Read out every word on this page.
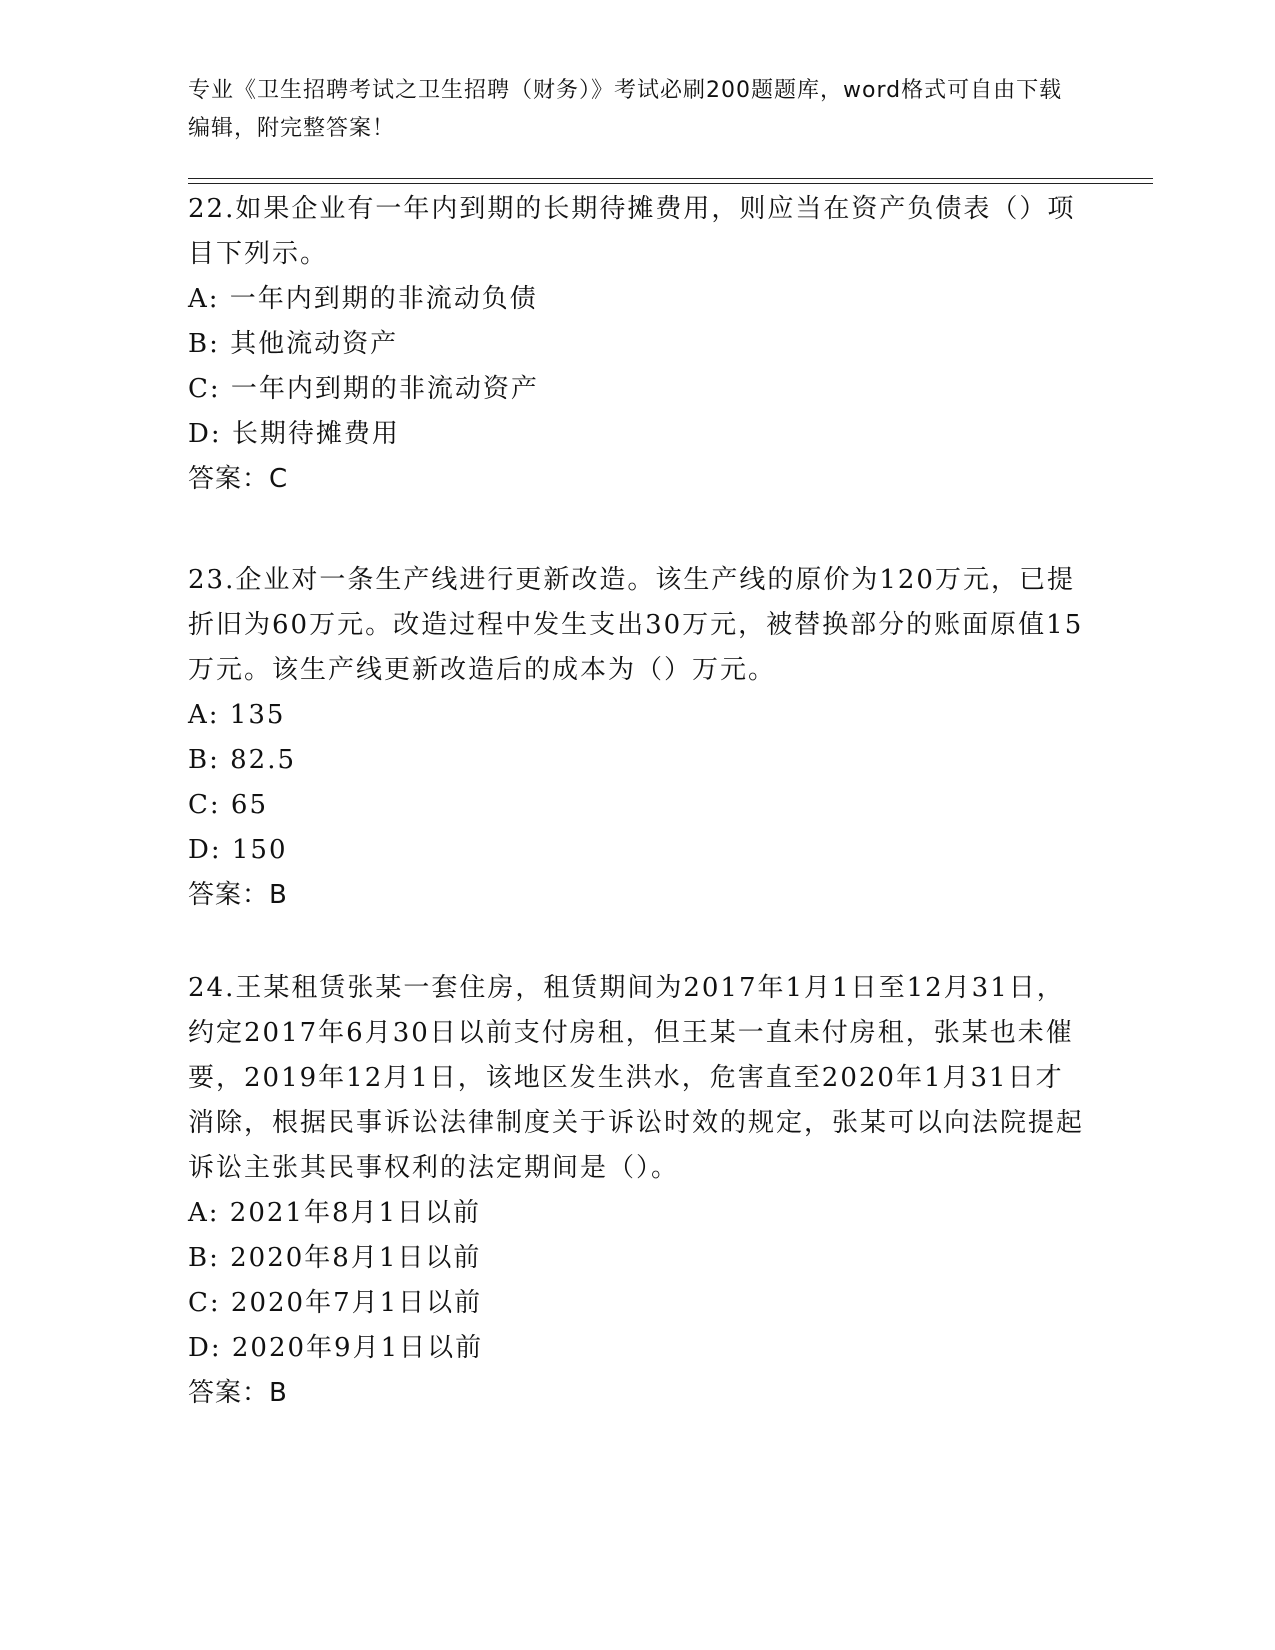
专业《卫生招聘考试之卫生招聘（财务）》考试必刷200题题库，word格式可自由下载编辑，附完整答案！
22.如果企业有一年内到期的长期待摊费用，则应当在资产负债表（）项目下列示。
A: 一年内到期的非流动负债
B: 其他流动资产
C: 一年内到期的非流动资产
D: 长期待摊费用
答案：C
23.企业对一条生产线进行更新改造。该生产线的原价为120万元，已提折旧为60万元。改造过程中发生支出30万元，被替换部分的账面原值15万元。该生产线更新改造后的成本为（）万元。
A: 135
B: 82.5
C: 65
D: 150
答案：B
24.王某租赁张某一套住房，租赁期间为2017年1月1日至12月31日，约定2017年6月30日以前支付房租，但王某一直未付房租，张某也未催要，2019年12月1日，该地区发生洪水，危害直至2020年1月31日才消除，根据民事诉讼法律制度关于诉讼时效的规定，张某可以向法院提起诉讼主张其民事权利的法定期间是（）。
A: 2021年8月1日以前
B: 2020年8月1日以前
C: 2020年7月1日以前
D: 2020年9月1日以前
答案：B
